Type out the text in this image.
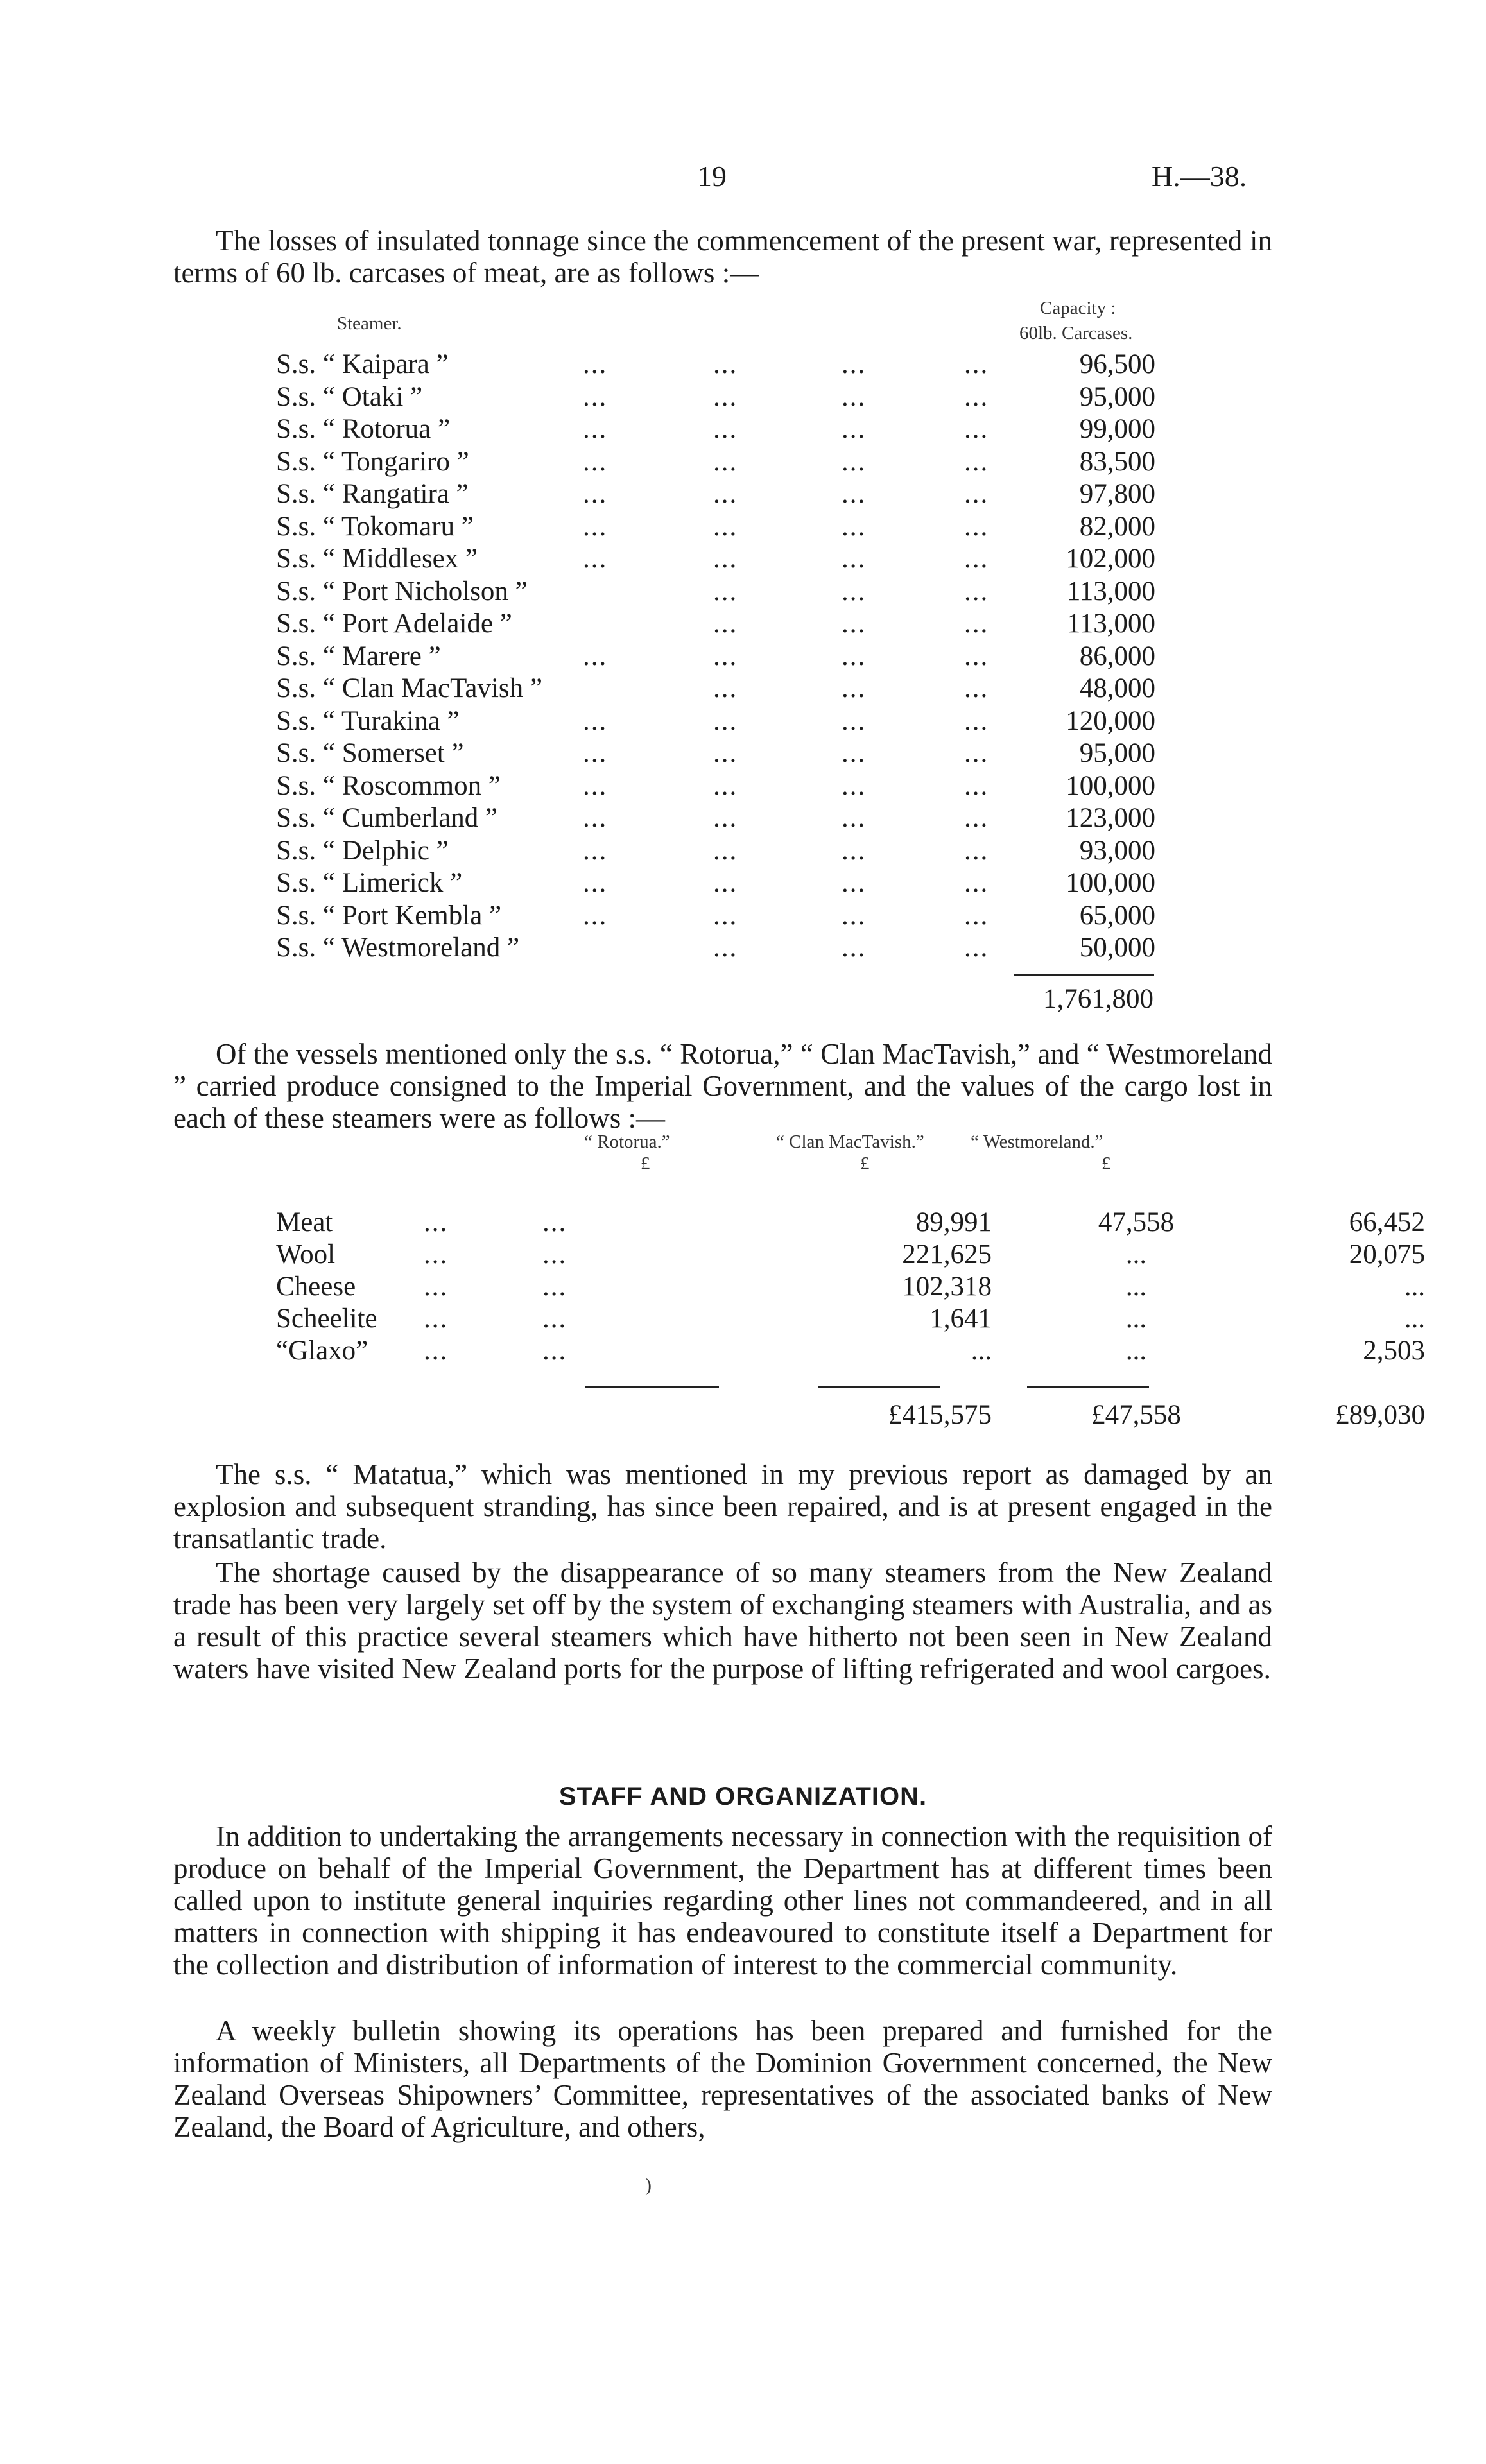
19	H.—38.
The losses of insulated tonnage since the commencement of the present war, represented in terms of 60 lb. carcases of meat, are as follows :—
Steamer.
Capacity :
60lb. Carcases.
S.s. “ Kaipara ”	...	...	...	...	96,500
S.s. “ Otaki ”	...	...	...	...	95,000
S.s. “ Rotorua ”	...	...	...	...	99,000
S.s. “ Tongariro ”	...	...	...	...	83,500
S.s. “ Rangatira ”	...	...	...	...	97,800
S.s. “ Tokomaru ”	...	...	...	...	82,000
S.s. “ Middlesex ”	...	...	...	...	102,000
S.s. “ Port Nicholson ”	...	...	...	113,000
S.s. “ Port Adelaide ”	...	...	...	113,000
S.s. “ Marere ”	...	...	...	...	86,000
S.s. “ Clan MacTavish ”	...	...	...	48,000
S.s. “ Turakina ”	...	...	...	...	120,000
S.s. “ Somerset ”	...	...	...	...	95,000
S.s. “ Roscommon ”	...	...	...	...	100,000
S.s. “ Cumberland ”	...	...	...	...	123,000
S.s. “ Delphic ”	...	...	...	...	93,000
S.s. “ Limerick ”	...	...	...	...	100,000
S.s. “ Port Kembla ”	...	...	...	...	65,000
S.s. “ Westmoreland ”	...	...	...	50,000
1,761,800
Of the vessels mentioned only the s.s. “ Rotorua,” “ Clan MacTavish,” and “ Westmoreland ” carried produce consigned to the Imperial Government, and the values of the cargo lost in each of these steamers were as follows :—
“ Rotorua.”	“ Clan MacTavish.” “ Westmoreland.”
£	£	£
Meat	...	...	89,991	47,558	66,452
Wool	...	...	221,625	...	20,075
Cheese ...	...	102,318	...	...
Scheelite ...	...	1,641	...	...
“Glaxo” ...	...	...	...	2,503
£415,575	£47,558	£89,030
The s.s. “ Matatua,” which was mentioned in my previous report as damaged by an explosion and subsequent stranding, has since been repaired, and is at present engaged in the transatlantic trade.
The shortage caused by the disappearance of so many steamers from the New Zealand trade has been very largely set off by the system of exchanging steamers with Australia, and as a result of this practice several steamers which have hitherto not been seen in New Zealand waters have visited New Zealand ports for the purpose of lifting refrigerated and wool cargoes.
STAFF AND ORGANIZATION.
In addition to undertaking the arrangements necessary in connection with the requisition of produce on behalf of the Imperial Government, the Department has at different times been called upon to institute general inquiries regarding other lines not commandeered, and in all matters in connection with shipping it has endeavoured to constitute itself a Department for the collection and distribution of information of interest to the commercial community.
A weekly bulletin showing its operations has been prepared and furnished for the information of Ministers, all Departments of the Dominion Government concerned, the New Zealand Overseas Shipowners’ Committee, representatives of the associated banks of New Zealand, the Board of Agriculture, and others,
)
